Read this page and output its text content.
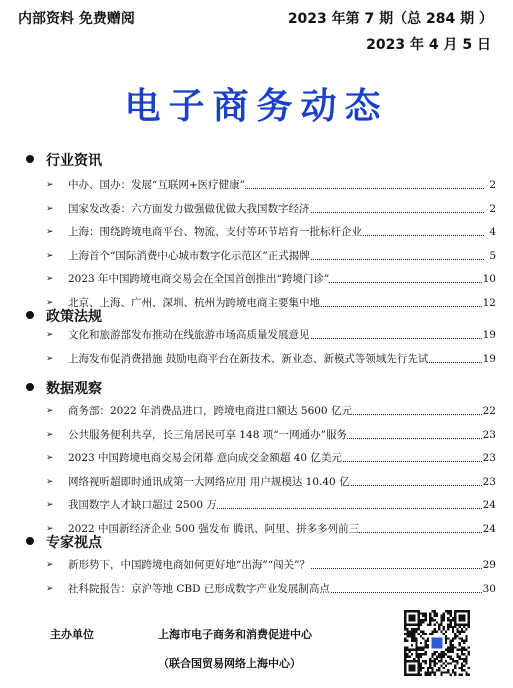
内部资料 免费赠阅	2023 年第 7 期（总 284 期 ）
2023 年 4 月 5 日
电子商务动态
行业资讯
➢ 中办、国办：发展“互联网+医疗健康”	2
➢ 国家发改委：六方面发力做强做优做大我国数字经济	2
➢ 上海：围绕跨境电商平台、物流、支付等环节培育一批标杆企业	4
➢ 上海首个“国际消费中心城市数字化示范区”正式揭牌	5
➢ 2023 年中国跨境电商交易会在全国首创推出“跨境门诊”	10
➢ 北京、上海、广州、深圳、杭州为跨境电商主要集中地	12
政策法规
➢ 文化和旅游部发布推动在线旅游市场高质量发展意见	19
➢ 上海发布促消费措施 鼓励电商平台在新技术、新业态、新模式等领域先行先试	19
数据观察
➢ 商务部：2022 年消费品进口，跨境电商进口额达 5600 亿元	22
➢ 公共服务便利共享，长三角居民可享 148 项“一网通办”服务	23
➢ 2023 中国跨境电商交易会闭幕 意向成交金额超 40 亿美元	23
➢ 网络视听超即时通讯成第一大网络应用 用户规模达 10.40 亿	23
➢ 我国数字人才缺口超过 2500 万	24
➢ 2022 中国新经济企业 500 强发布 腾讯、阿里、拼多多列前三	24
专家视点
➢ 新形势下，中国跨境电商如何更好地“出海”“闯关”？	29
➢ 社科院报告：京沪等地 CBD 已形成数字产业发展制高点	30
主办单位	上海市电子商务和消费促进中心
（联合国贸易网络上海中心）
